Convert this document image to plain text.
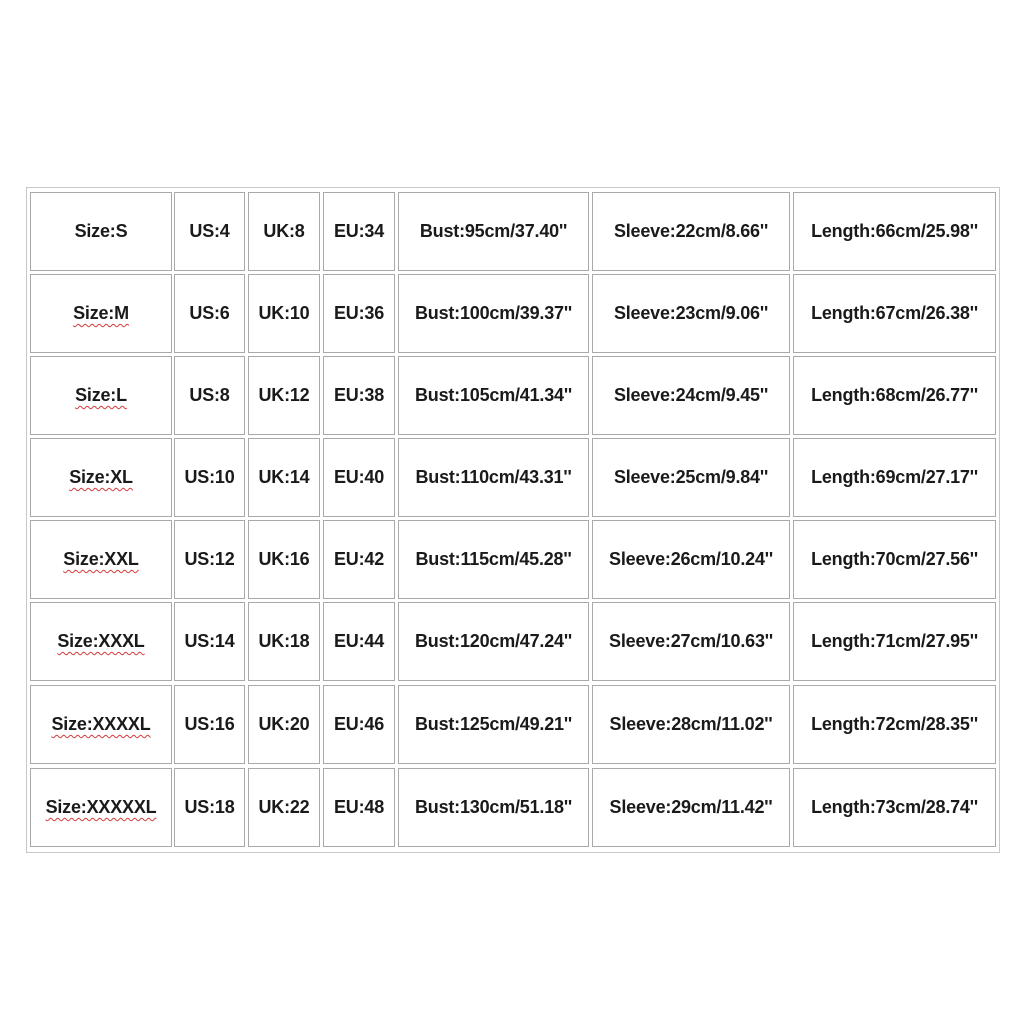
Size:S	US:4 UK:8 EU:34 Bust:95cm/37.40''	Sleeve:22cm/8.66'' Length:66cm/25.98''
Size:M	US:6 UK:10 EU:36 Bust:100cm/39.37'' Sleeve:23cm/9.06'' Length:67cm/26.38''
Size:L	US:8 UK:12 EU:38 Bust:105cm/41.34'' Sleeve:24cm/9.45'' Length:68cm/26.77''
Size:XL	US:10 UK:14 EU:40 Bust:110cm/43.31'' Sleeve:25cm/9.84'' Length:69cm/27.17''
Size:XXL	US:12 UK:16 EU:42 Bust:115cm/45.28'' Sleeve:26cm/10.24'' Length:70cm/27.56''
Size:XXXL US:14 UK:18 EU:44 Bust:120cm/47.24'' Sleeve:27cm/10.63'' Length:71cm/27.95''
Size:XXXXL US:16 UK:20 EU:46 Bust:125cm/49.21'' Sleeve:28cm/11.02'' Length:72cm/28.35''
Size:XXXXXL US:18 UK:22 EU:48 Bust:130cm/51.18'' Sleeve:29cm/11.42'' Length:73cm/28.74''
